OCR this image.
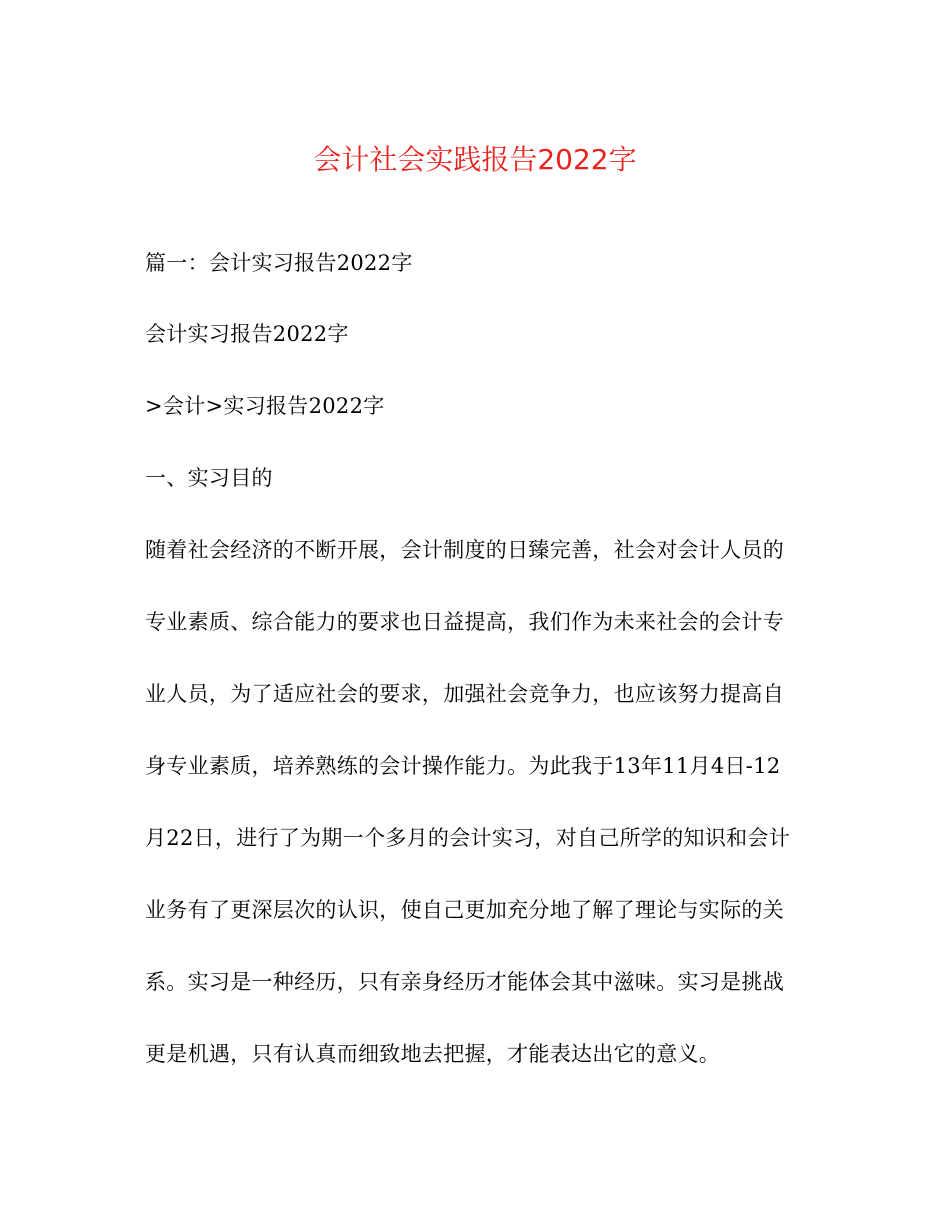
会计社会实践报告2022字
篇一：会计实习报告2022字
会计实习报告2022字
>会计>实习报告2022字
一、实习目的
随着社会经济的不断开展，会计制度的日臻完善，社会对会计人员的
专业素质、综合能力的要求也日益提高，我们作为未来社会的会计专
业人员，为了适应社会的要求，加强社会竞争力，也应该努力提高自
身专业素质，培养熟练的会计操作能力。为此我于13年11月4日-12
月22日，进行了为期一个多月的会计实习，对自己所学的知识和会计
业务有了更深层次的认识，使自己更加充分地了解了理论与实际的关
系。实习是一种经历，只有亲身经历才能体会其中滋味。实习是挑战
更是机遇，只有认真而细致地去把握，才能表达出它的意义。
